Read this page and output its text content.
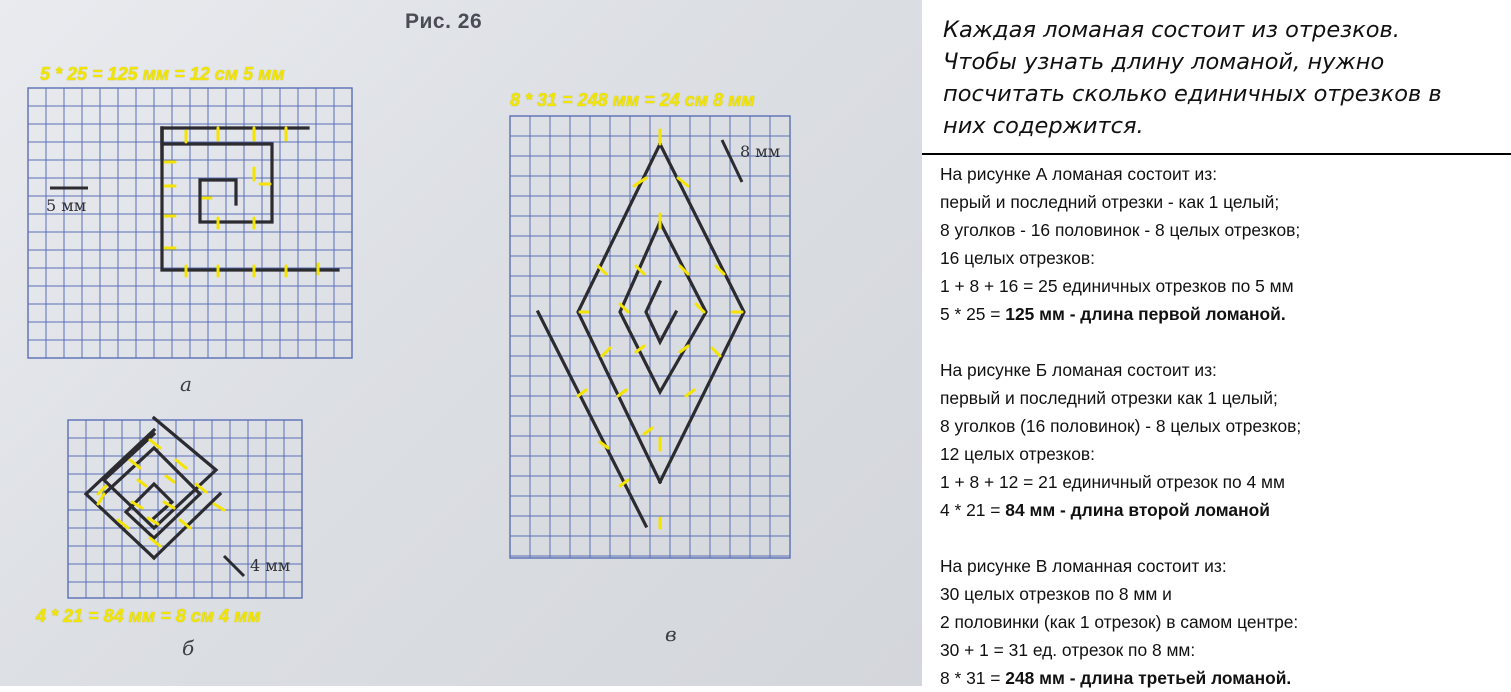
Рис. 26
5 * 25 = 125 мм = 12 см 5 мм
8 * 31 = 248 мм = 24 см 8 мм
4 * 21 = 84 мм = 8 см 4 мм
5 мм
а
4 мм
б
8 мм
в
Каждая ломаная состоит из отрезков.
Чтобы узнать длину ломаной, нужно
посчитать сколько единичных отрезков в
них содержится.

На рисунке А ломаная состоит из:

перый и последний отрезки - как 1 целый;

8 уголков - 16 половинок - 8 целых отрезков;

16 целых отрезков:

1 + 8 + 16 = 25 единичных отрезков по 5 мм

5 * 25 = 125 мм - длина первой ломаной.

На рисунке Б ломаная состоит из:

первый и последний отрезки как 1 целый;

8 уголков (16 половинок) - 8 целых отрезков;

12 целых отрезков:

1 + 8 + 12 = 21 единичный отрезок по 4 мм

4 * 21 = 84 мм - длина второй ломаной

На рисунке В ломанная состоит из:

30 целых отрезков по 8 мм и

2 половинки (как 1 отрезок) в самом центре:

30 + 1 = 31 ед. отрезок по 8 мм:

8 * 31 = 248 мм - длина третьей ломаной.
